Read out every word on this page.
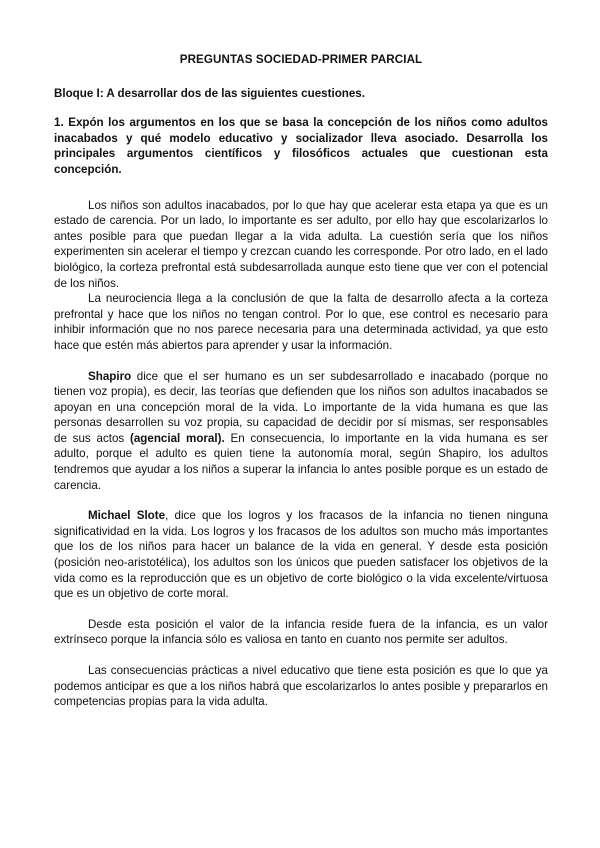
PREGUNTAS SOCIEDAD-PRIMER PARCIAL
Bloque I: A desarrollar dos de las siguientes cuestiones.
1. Expón los argumentos en los que se basa la concepción de los niños como adultos inacabados y qué modelo educativo y socializador lleva asociado. Desarrolla los principales argumentos científicos y filosóficos actuales que cuestionan esta concepción.

Los niños son adultos inacabados, por lo que hay que acelerar esta etapa ya que es un estado de carencia. Por un lado, lo importante es ser adulto, por ello hay que escolarizarlos lo antes posible para que puedan llegar a la vida adulta. La cuestión sería que los niños experimenten sin acelerar el tiempo y crezcan cuando les corresponde. Por otro lado, en el lado biológico, la corteza prefrontal está subdesarrollada aunque esto tiene que ver con el potencial de los niños.

La neurociencia llega a la conclusión de que la falta de desarrollo afecta a la corteza prefrontal y hace que los niños no tengan control. Por lo que, ese control es necesario para inhibir información que no nos parece necesaria para una determinada actividad, ya que esto hace que estén más abiertos para aprender y usar la información.

Shapiro dice que el ser humano es un ser subdesarrollado e inacabado (porque no tienen voz propia), es decir, las teorías que defienden que los niños son adultos inacabados se apoyan en una concepción moral de la vida. Lo importante de la vida humana es que las personas desarrollen su voz propia, su capacidad de decidir por sí mismas, ser responsables de sus actos (agencial moral). En consecuencia, lo importante en la vida humana es ser adulto, porque el adulto es quien tiene la autonomía moral, según Shapiro, los adultos tendremos que ayudar a los niños a superar la infancia lo antes posible porque es un estado de carencia.

Michael Slote, dice que los logros y los fracasos de la infancia no tienen ninguna significatividad en la vida. Los logros y los fracasos de los adultos son mucho más importantes que los de los niños para hacer un balance de la vida en general. Y desde esta posición (posición neo-aristotélica), los adultos son los únicos que pueden satisfacer los objetivos de la vida como es la reproducción que es un objetivo de corte biológico o la vida excelente/virtuosa que es un objetivo de corte moral.

Desde esta posición el valor de la infancia reside fuera de la infancia, es un valor extrínseco porque la infancia sólo es valiosa en tanto en cuanto nos permite ser adultos.

Las consecuencias prácticas a nivel educativo que tiene esta posición es que lo que ya podemos anticipar es que a los niños habrá que escolarizarlos lo antes posible y prepararlos en competencias propias para la vida adulta.
